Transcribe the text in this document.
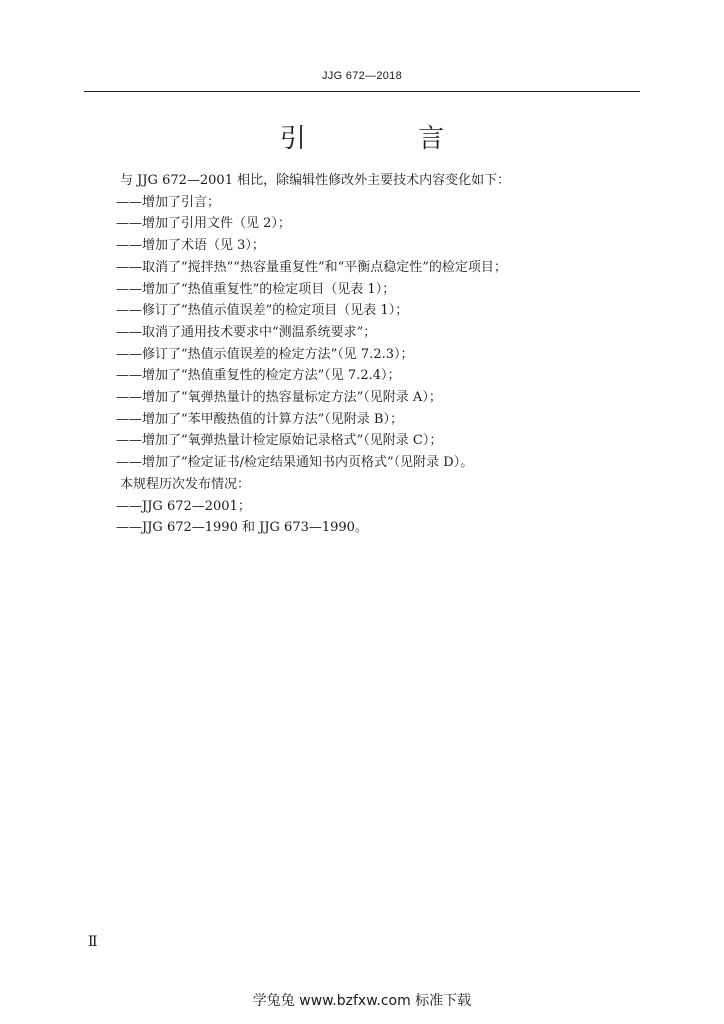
JJG 672—2018
引 言

与 JJG 672—2001 相比，除编辑性修改外主要技术内容变化如下：

——增加了引言；

——增加了引用文件（见 2）；

——增加了术语（见 3）；

——取消了“搅拌热”“热容量重复性”和“平衡点稳定性”的检定项目；

——增加了“热值重复性”的检定项目（见表 1）；

——修订了“热值示值误差”的检定项目（见表 1）；

——取消了通用技术要求中“测温系统要求”；

——修订了“热值示值误差的检定方法”（见 7.2.3）；

——增加了“热值重复性的检定方法”（见 7.2.4）；

——增加了“氧弹热量计的热容量标定方法”（见附录 A）；

——增加了“苯甲酸热值的计算方法”（见附录 B）；

——增加了“氧弹热量计检定原始记录格式”（见附录 C）；

——增加了“检定证书/检定结果通知书内页格式”（见附录 D）。

本规程历次发布情况：

——JJG 672—2001；

——JJG 672—1990 和 JJG 673—1990。

Ⅱ
学兔兔 www.bzfxw.com 标准下载
